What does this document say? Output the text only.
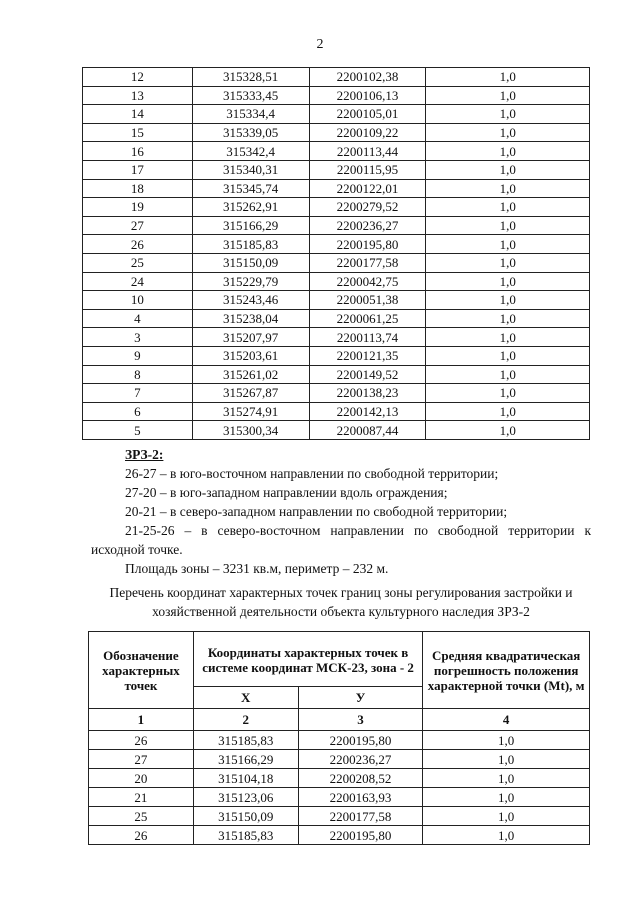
2
12	315328,51	2200102,38	1,0
13	315333,45	2200106,13	1,0
14	315334,4	2200105,01	1,0
15	315339,05	2200109,22	1,0
16	315342,4	2200113,44	1,0
17	315340,31	2200115,95	1,0
18	315345,74	2200122,01	1,0
19	315262,91	2200279,52	1,0
27	315166,29	2200236,27	1,0
26	315185,83	2200195,80	1,0
25	315150,09	2200177,58	1,0
24	315229,79	2200042,75	1,0
10	315243,46	2200051,38	1,0
4	315238,04	2200061,25	1,0
3	315207,97	2200113,74	1,0
9	315203,61	2200121,35	1,0
8	315261,02	2200149,52	1,0
7	315267,87	2200138,23	1,0
6	315274,91	2200142,13	1,0
5	315300,34	2200087,44	1,0
ЗРЗ-2:
26-27 – в юго-восточном направлении по свободной территории;
27-20 – в юго-западном направлении вдоль ограждения;
20-21 – в северо-западном направлении по свободной территории;
21-25-26 – в северо-восточном направлении по свободной территории к
исходной точке.
Площадь зоны – 3231 кв.м, периметр – 232 м.
Перечень координат характерных точек границ зоны регулирования застройки и
хозяйственной деятельности объекта культурного наследия ЗРЗ-2
Обозначение характерных точек	Координаты характерных точек в системе координат МСК-23, зона - 2		Средняя квадратическая погрешность положения характерной точки (Mt), м
	X	У	
1	2	3	4
26	315185,83	2200195,80	1,0
27	315166,29	2200236,27	1,0
20	315104,18	2200208,52	1,0
21	315123,06	2200163,93	1,0
25	315150,09	2200177,58	1,0
26	315185,83	2200195,80	1,0
